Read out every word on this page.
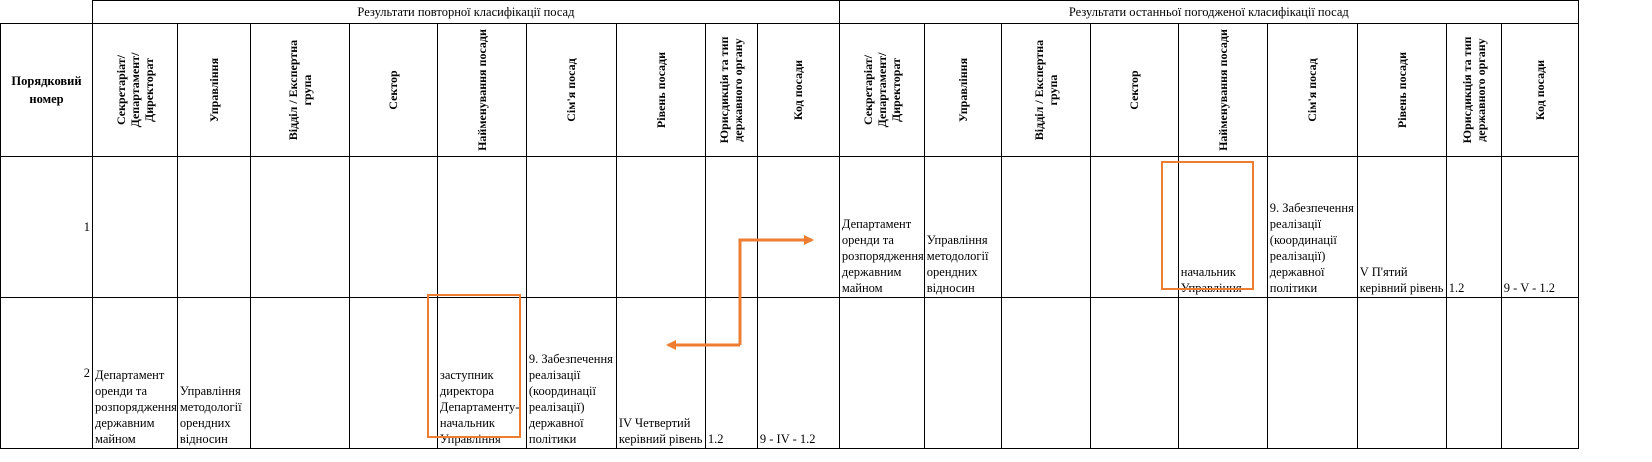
	Результати повторної класифікації посад									Результати останньої погодженої класифікації посад								
Порядковий номер	Секретаріат/ Департамент/ Директорат	Управління	Відділ / Експертна група	Сектор	Найменування посади	Сім'я посад	Рівень посади	Юрисдикція та тип державного органу	Код посади	Секретаріат/ Департамент/ Директорат	Управління	Відділ / Експертна група	Сектор	Найменування посади	Сім'я посад	Рівень посади	Юрисдикція та тип державного органу	Код посади

1										Департамент оренди та розпорядження державним майном	Управління методології орендних відносин			начальник Управління	9. Забезпечення реалізації (координації реалізації) державної політики	V П'ятий керівний рівень	1.2	9 - V - 1.2

2	Департамент оренди та розпорядження державним майном	Управління методології орендних відносин			заступник директора Департаменту-начальник Управління	9. Забезпечення реалізації (координації реалізації) державної політики	IV Четвертий керівний рівень	1.2	9 - IV - 1.2									
